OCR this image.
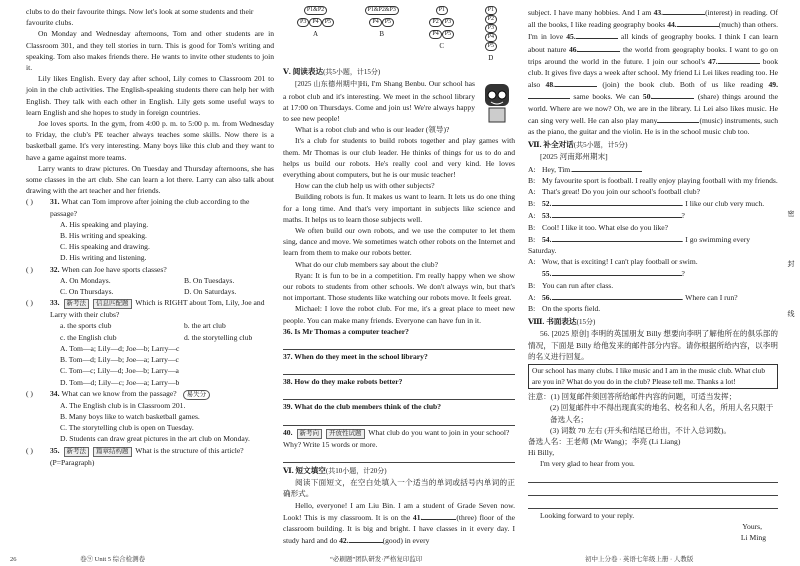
clubs to do their favourite things. Now let's look at some students and their favourite clubs.

On Monday and Wednesday afternoons, Tom and other students are in Classroom 301, and they tell stories in turn. This is good for Tom's writing and speaking. Tom also makes friends there. He wants to invite other students to join it.

Lily likes English. Every day after school, Lily comes to Classroom 201 to join in the club activities. The English-speaking students there can help her with English. They talk with each other in English. Lily gets some useful ways to learn English and she hopes to study in foreign countries.

Joe loves sports. In the gym, from 4:00 p. m. to 5:00 p. m. from Wednesday to Friday, the club's PE teacher always teaches some skills. Now there is a basketball game. It's very interesting. Many boys like this club and they want to have a game against more teams.

Larry wants to draw pictures. On Tuesday and Thursday afternoons, she has some classes in the art club. She can learn a lot there. Larry can also talk about drawing with the art teacher and her friends.

( )	31. What can Tom improve after joining the club according to the passage?
A. His speaking and playing.
B. His writing and speaking.
C. His speaking and drawing.
D. His writing and listening.
( )	32. When can Joe have sports classes?
A. On Mondays.	B. On Tuesdays.
C. On Thursdays.	D. On Saturdays.
( )	33. 新考法 信息匹配题 Which is RIGHT about Tom, Lily, Joe and Larry with their clubs?
a. the sports club	b. the art club
c. the English club	d. the storytelling club
A. Tom—a; Lily—d; Joe—b; Larry—c
B. Tom—d; Lily—b; Joe—a; Larry—c
C. Tom—c; Lily—d; Joe—b; Larry—a
D. Tom—d; Lily—c; Joe—a; Larry—b
( )	34. What can we know from the passage? 易失分
A. The English club is in Classroom 201.
B. Many boys like to watch basketball games.
C. The storytelling club is open on Tuesday.
D. Students can draw great pictures in the art club on Monday.
( )	35. 新考法 篇章结构题 What is the structure of this article? (P=Paragraph)
P1&P2
P3 P4 P5
A
P1&P2&P3
P4 P5
B
P1
P2 P3
P4 P5
C
P1
P2
P3
P4
P5
D

Ⅴ. 阅读表达(共5小题，计15分)

[2025 山东德州期中]Hi, I'm Shang Benbu. Our school has a robot club and it's interesting. We meet in the school library at 17:00 on Thursdays. Come and join us! We're always happy to see new people!

What is a robot club and who is our leader (领导)?

It's a club for students to build robots together and play games with them. Mr Thomas is our club leader. He thinks of things for us to do and helps us build our robots. He's really cool and very kind. He loves everything about computers, but he is our music teacher!

How can the club help us with other subjects?

Building robots is fun. It makes us want to learn. It lets us do one thing for a long time. And that's very important in subjects like science and maths. It helps us to learn those subjects well.

We often build our own robots, and we use the computer to let them sing, dance and move. We sometimes watch other robots on the Internet and learn from them to make our robots better.

What do our club members say about the club?

Ryan: It is fun to be in a competition. I'm really happy when we show our robots to students from other schools. We don't always win, but that's not important. Those students like watching our robots move. It feels great.

Michael: I love the robot club. For me, it's a great place to meet new people. You can make many friends. Everyone can have fun in it.

36. Is Mr Thomas a computer teacher?

37. When do they meet in the school library?

38. How do they make robots better?

39. What do the club members think of the club?

40. 新考向 开放性试题 What club do you want to join in your school? Why? Write 15 words or more.

Ⅵ. 短文填空(共10小题，计20分)

阅读下面短文，在空白处填入一个适当的单词或括号内单词的正确形式。

Hello, everyone! I am Liu Bin. I am a student of Grade Seven now. Look! This is my classroom. It is on the 41.	(three) floor of the classroom building. It is big and bright. I have classes in it every day. I study hard and do 42.	(good) in every

subject. I have many hobbies. And I am 43.	(interest) in reading. Of all the books, I like reading geography books 44.	(much) than others. I'm in love 45.	all kinds of geography books. I think I can learn about nature 46.	the world from geography books. I want to go on trips around the world in the future. I join our school's 47.	book club. It gives five days a week after school. My friend Li Lei likes reading too. He also 48.	(join) the book club. Both of us like reading 49. same books. We can 50.	(share) things around the world. Where are we now? Oh, we are in the library. Li Lei also likes music. He can sing very well. He can also play many	(music) instruments, such as the piano, the guitar and the violin. He is in the school music club too.

Ⅶ. 补全对话(共5小题，计5分)

[2025 河南郑州期末]

A: Hey, Tim.

B: My favourite sport is football. I really enjoy playing football with my friends.

A: That's great! Do you join our school's football club?

B: 52.	. I like our club very much.

A: 53.	?

B: Cool! I like it too. What else do you like?

B: 54.	. I go swimming every Saturday.

A: Wow, that is exciting! I can't play football or swim.

55.	?

B: You can run after class.

A: 56.	. Where can I run?

B: On the sports field.

Ⅷ. 书面表达(15分)

56. [2025 原创] 李明的英国朋友 Billy 想要向李明了解他所在的俱乐部的情况，下面是 Billy 给他发来的邮件部分内容。请你根据所给内容，以李明的名义进行回复。

Our school has many clubs. I like music and I am in the music club. What club are you in? What do you do in the club? Please tell me. Thanks a lot!

注意：(1) 回复邮件须回答所给邮件内容的问题，可适当发挥；

(2) 回复邮件中不得出现真实的地名、校名和人名，所用人名只限于备选人名；

(3) 词数 70 左右 (开头和结尾已给出，不计入总词数)。

备选人名：王老师 (Mr Wang)；李亮 (Li Liang)

Hi Billy,

I'm very glad to hear from you.

Looking forward to your reply.

Yours,

Li Ming

密
封
线
26	卷⑨ Unit 5 综合检测卷	“必刷题”团队研发·严格复印监印	初中上分卷 · 英语七年级上册 · 人教版
